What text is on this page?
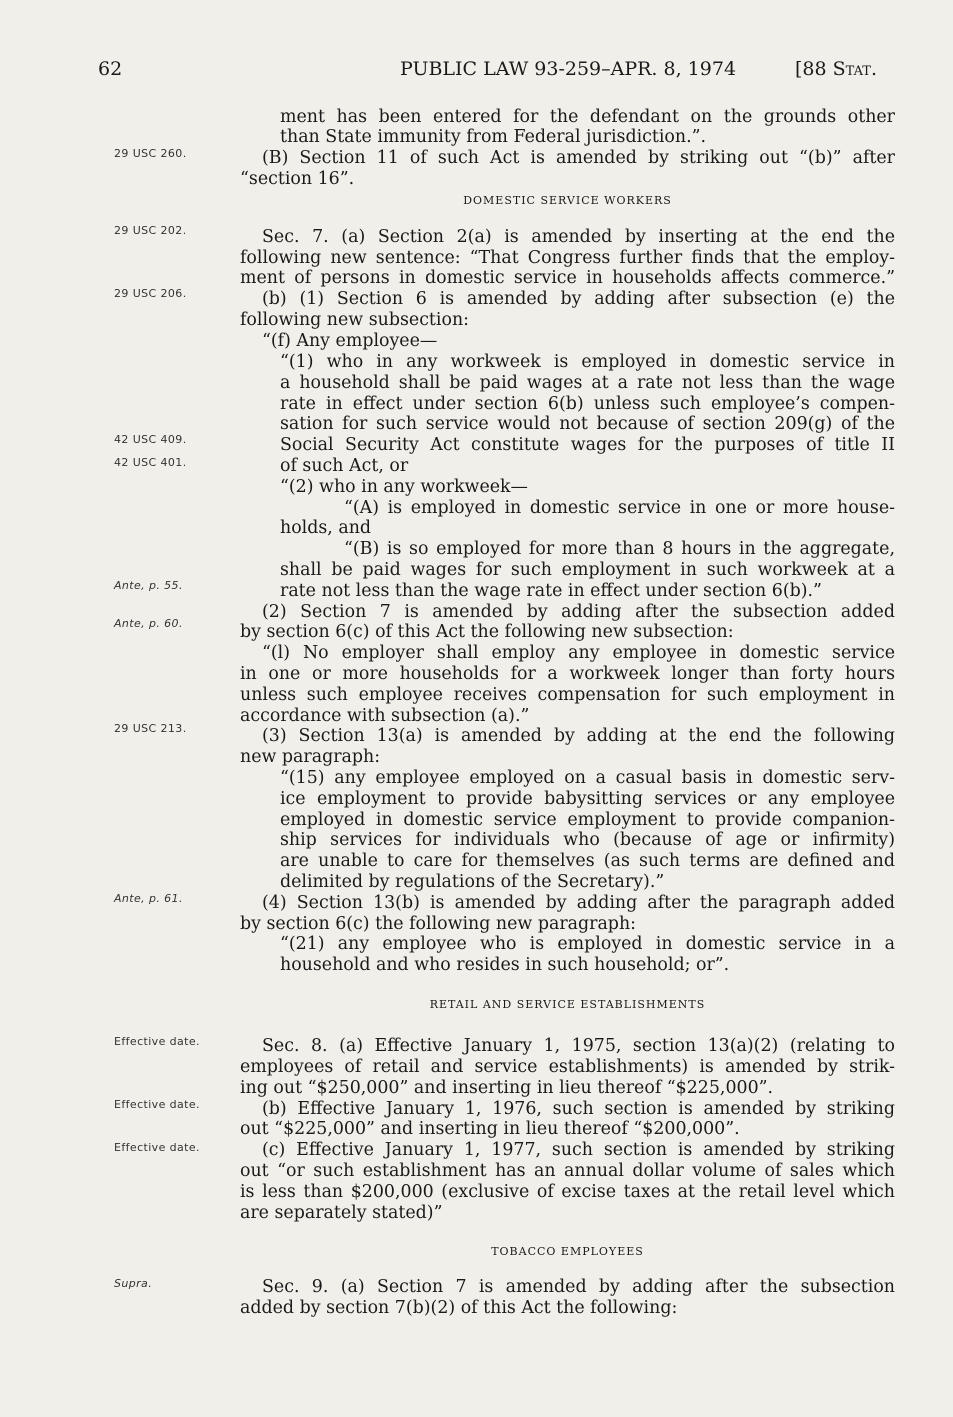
62	PUBLIC LAW 93-259–APR. 8, 1974	[88 Stat.
29 USC 260.
29 USC 202.
29 USC 206.
42 USC 409.
42 USC 401.
Ante, p. 55.
Ante, p. 60.
29 USC 213.
Ante, p. 61.
Effective date.
Effective date.
Effective date.
Supra.
ment has been entered for the defendant on the grounds other
than State immunity from Federal jurisdiction.”.
(B) Section 11 of such Act is amended by striking out “(b)” after
“section 16”.
DOMESTIC SERVICE WORKERS
Sec. 7. (a) Section 2(a) is amended by inserting at the end the
following new sentence: “That Congress further finds that the employ-
ment of persons in domestic service in households affects commerce.”
(b) (1) Section 6 is amended by adding after subsection (e) the
following new subsection:
“(f) Any employee—
“(1) who in any workweek is employed in domestic service in
a household shall be paid wages at a rate not less than the wage
rate in effect under section 6(b) unless such employee’s compen-
sation for such service would not because of section 209(g) of the
Social Security Act constitute wages for the purposes of title II
of such Act, or
“(2) who in any workweek—
“(A) is employed in domestic service in one or more house-
holds, and
“(B) is so employed for more than 8 hours in the aggregate,
shall be paid wages for such employment in such workweek at a
rate not less than the wage rate in effect under section 6(b).”
(2) Section 7 is amended by adding after the subsection added
by section 6(c) of this Act the following new subsection:
“(l) No employer shall employ any employee in domestic service
in one or more households for a workweek longer than forty hours
unless such employee receives compensation for such employment in
accordance with subsection (a).”
(3) Section 13(a) is amended by adding at the end the following
new paragraph:
“(15) any employee employed on a casual basis in domestic serv-
ice employment to provide babysitting services or any employee
employed in domestic service employment to provide companion-
ship services for individuals who (because of age or infirmity)
are unable to care for themselves (as such terms are defined and
delimited by regulations of the Secretary).”
(4) Section 13(b) is amended by adding after the paragraph added
by section 6(c) the following new paragraph:
“(21) any employee who is employed in domestic service in a
household and who resides in such household; or”.
RETAIL AND SERVICE ESTABLISHMENTS
Sec. 8. (a) Effective January 1, 1975, section 13(a)(2) (relating to
employees of retail and service establishments) is amended by strik-
ing out “$250,000” and inserting in lieu thereof “$225,000”.
(b) Effective January 1, 1976, such section is amended by striking
out “$225,000” and inserting in lieu thereof “$200,000”.
(c) Effective January 1, 1977, such section is amended by striking
out “or such establishment has an annual dollar volume of sales which
is less than $200,000 (exclusive of excise taxes at the retail level which
are separately stated)”
TOBACCO EMPLOYEES
Sec. 9. (a) Section 7 is amended by adding after the subsection
added by section 7(b)(2) of this Act the following:
